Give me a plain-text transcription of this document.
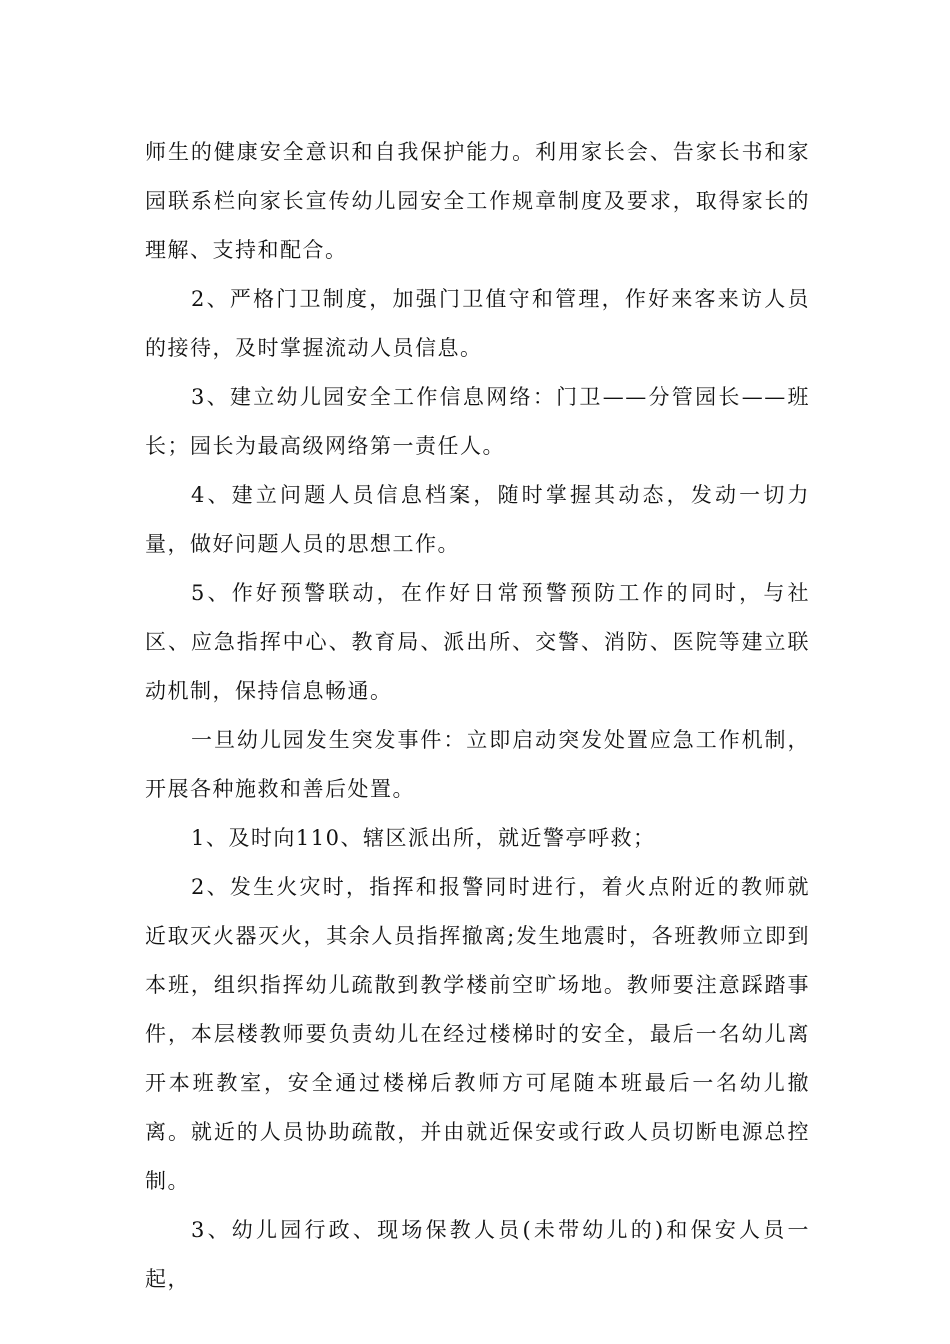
师生的健康安全意识和自我保护能力。利用家长会、告家长书和家园联系栏向家长宣传幼儿园安全工作规章制度及要求，取得家长的理解、支持和配合。

2、严格门卫制度，加强门卫值守和管理，作好来客来访人员的接待，及时掌握流动人员信息。

3、建立幼儿园安全工作信息网络：门卫——分管园长——班长；园长为最高级网络第一责任人。

4、建立问题人员信息档案，随时掌握其动态，发动一切力量，做好问题人员的思想工作。

5、作好预警联动，在作好日常预警预防工作的同时，与社区、应急指挥中心、教育局、派出所、交警、消防、医院等建立联动机制，保持信息畅通。

一旦幼儿园发生突发事件：立即启动突发处置应急工作机制，开展各种施救和善后处置。

1、及时向110、辖区派出所，就近警亭呼救；

2、发生火灾时，指挥和报警同时进行，着火点附近的教师就近取灭火器灭火，其余人员指挥撤离;发生地震时，各班教师立即到本班，组织指挥幼儿疏散到教学楼前空旷场地。教师要注意踩踏事件，本层楼教师要负责幼儿在经过楼梯时的安全，最后一名幼儿离开本班教室，安全通过楼梯后教师方可尾随本班最后一名幼儿撤离。就近的人员协助疏散，并由就近保安或行政人员切断电源总控制。

3、幼儿园行政、现场保教人员(未带幼儿的)和保安人员一起，
